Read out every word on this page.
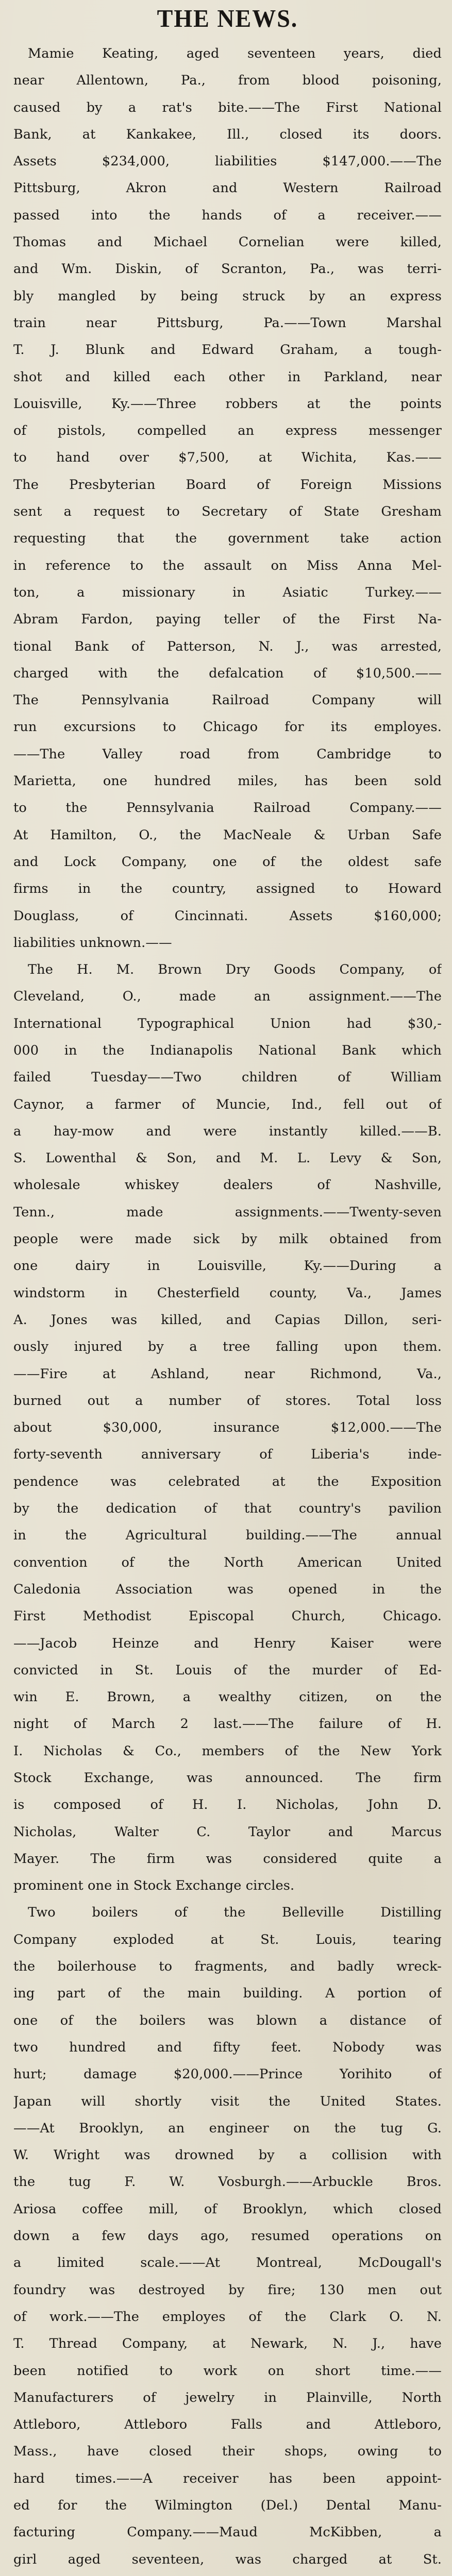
THE NEWS.

Mamie Keating, aged seventeen years, died

near Allentown, Pa., from blood poisoning,

caused by a rat's bite.——The First National

Bank, at Kankakee, Ill., closed its doors.

Assets $234,000, liabilities $147,000.——The

Pittsburg, Akron and Western Railroad

passed into the hands of a receiver.——

Thomas and Michael Cornelian were killed,

and Wm. Diskin, of Scranton, Pa., was terri-

bly mangled by being struck by an express

train near Pittsburg, Pa.——Town Marshal

T. J. Blunk and Edward Graham, a tough-

shot and killed each other in Parkland, near

Louisville, Ky.——Three robbers at the points

of pistols, compelled an express messenger

to hand over $7,500, at Wichita, Kas.——

The Presbyterian Board of Foreign Missions

sent a request to Secretary of State Gresham

requesting that the government take action

in reference to the assault on Miss Anna Mel-

ton, a missionary in Asiatic Turkey.——

Abram Fardon, paying teller of the First Na-

tional Bank of Patterson, N. J., was arrested,

charged with the defalcation of $10,500.——

The Pennsylvania Railroad Company will

run excursions to Chicago for its employes.

——The Valley road from Cambridge to

Marietta, one hundred miles, has been sold

to the Pennsylvania Railroad Company.——

At Hamilton, O., the MacNeale & Urban Safe

and Lock Company, one of the oldest safe

firms in the country, assigned to Howard

Douglass, of Cincinnati. Assets $160,000;

liabilities unknown.——

The H. M. Brown Dry Goods Company, of

Cleveland, O., made an assignment.——The

International Typographical Union had $30,-

000 in the Indianapolis National Bank which

failed Tuesday——Two children of William

Caynor, a farmer of Muncie, Ind., fell out of

a hay-mow and were instantly killed.——B.

S. Lowenthal & Son, and M. L. Levy & Son,

wholesale whiskey dealers of Nashville,

Tenn., made assignments.——Twenty-seven

people were made sick by milk obtained from

one dairy in Louisville, Ky.——During a

windstorm in Chesterfield county, Va., James

A. Jones was killed, and Capias Dillon, seri-

ously injured by a tree falling upon them.

——Fire at Ashland, near Richmond, Va.,

burned out a number of stores. Total loss

about $30,000, insurance $12,000.——The

forty-seventh anniversary of Liberia's inde-

pendence was celebrated at the Exposition

by the dedication of that country's pavilion

in the Agricultural building.——The annual

convention of the North American United

Caledonia Association was opened in the

First Methodist Episcopal Church, Chicago.

——Jacob Heinze and Henry Kaiser were

convicted in St. Louis of the murder of Ed-

win E. Brown, a wealthy citizen, on the

night of March 2 last.——The failure of H.

I. Nicholas & Co., members of the New York

Stock Exchange, was announced. The firm

is composed of H. I. Nicholas, John D.

Nicholas, Walter C. Taylor and Marcus

Mayer. The firm was considered quite a

prominent one in Stock Exchange circles.

Two boilers of the Belleville Distilling

Company exploded at St. Louis, tearing

the boilerhouse to fragments, and badly wreck-

ing part of the main building. A portion of

one of the boilers was blown a distance of

two hundred and fifty feet. Nobody was

hurt; damage $20,000.——Prince Yorihito of

Japan will shortly visit the United States.

——At Brooklyn, an engineer on the tug G.

W. Wright was drowned by a collision with

the tug F. W. Vosburgh.——Arbuckle Bros.

Ariosa coffee mill, of Brooklyn, which closed

down a few days ago, resumed operations on

a limited scale.——At Montreal, McDougall's

foundry was destroyed by fire; 130 men out

of work.——The employes of the Clark O. N.

T. Thread Company, at Newark, N. J., have

been notified to work on short time.——

Manufacturers of jewelry in Plainville, North

Attleboro, Attleboro Falls and Attleboro,

Mass., have closed their shops, owing to

hard times.——A receiver has been appoint-

ed for the Wilmington (Del.) Dental Manu-

facturing Company.——Maud McKibben, a

girl aged seventeen, was charged at St.
